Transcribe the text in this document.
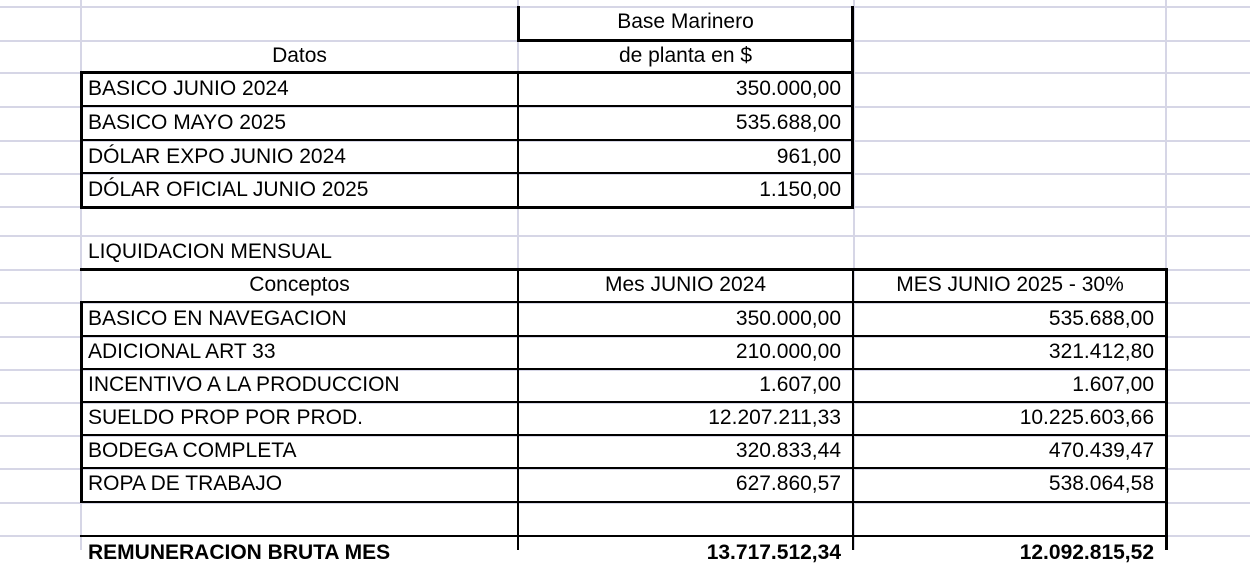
Base Marinero
Datos	de planta en $
BASICO JUNIO 2024	350.000,00
BASICO MAYO 2025	535.688,00
DÓLAR EXPO JUNIO 2024	961,00
DÓLAR OFICIAL JUNIO 2025	1.150,00
LIQUIDACION MENSUAL
Conceptos	Mes JUNIO 2024	MES JUNIO 2025 - 30%
BASICO EN NAVEGACION	350.000,00	535.688,00
ADICIONAL ART 33	210.000,00	321.412,80
INCENTIVO A LA PRODUCCION	1.607,00	1.607,00
SUELDO PROP POR PROD.	12.207.211,33	10.225.603,66
BODEGA COMPLETA	320.833,44	470.439,47
ROPA DE TRABAJO	627.860,57	538.064,58
REMUNERACION BRUTA MES	13.717.512,34	12.092.815,52
